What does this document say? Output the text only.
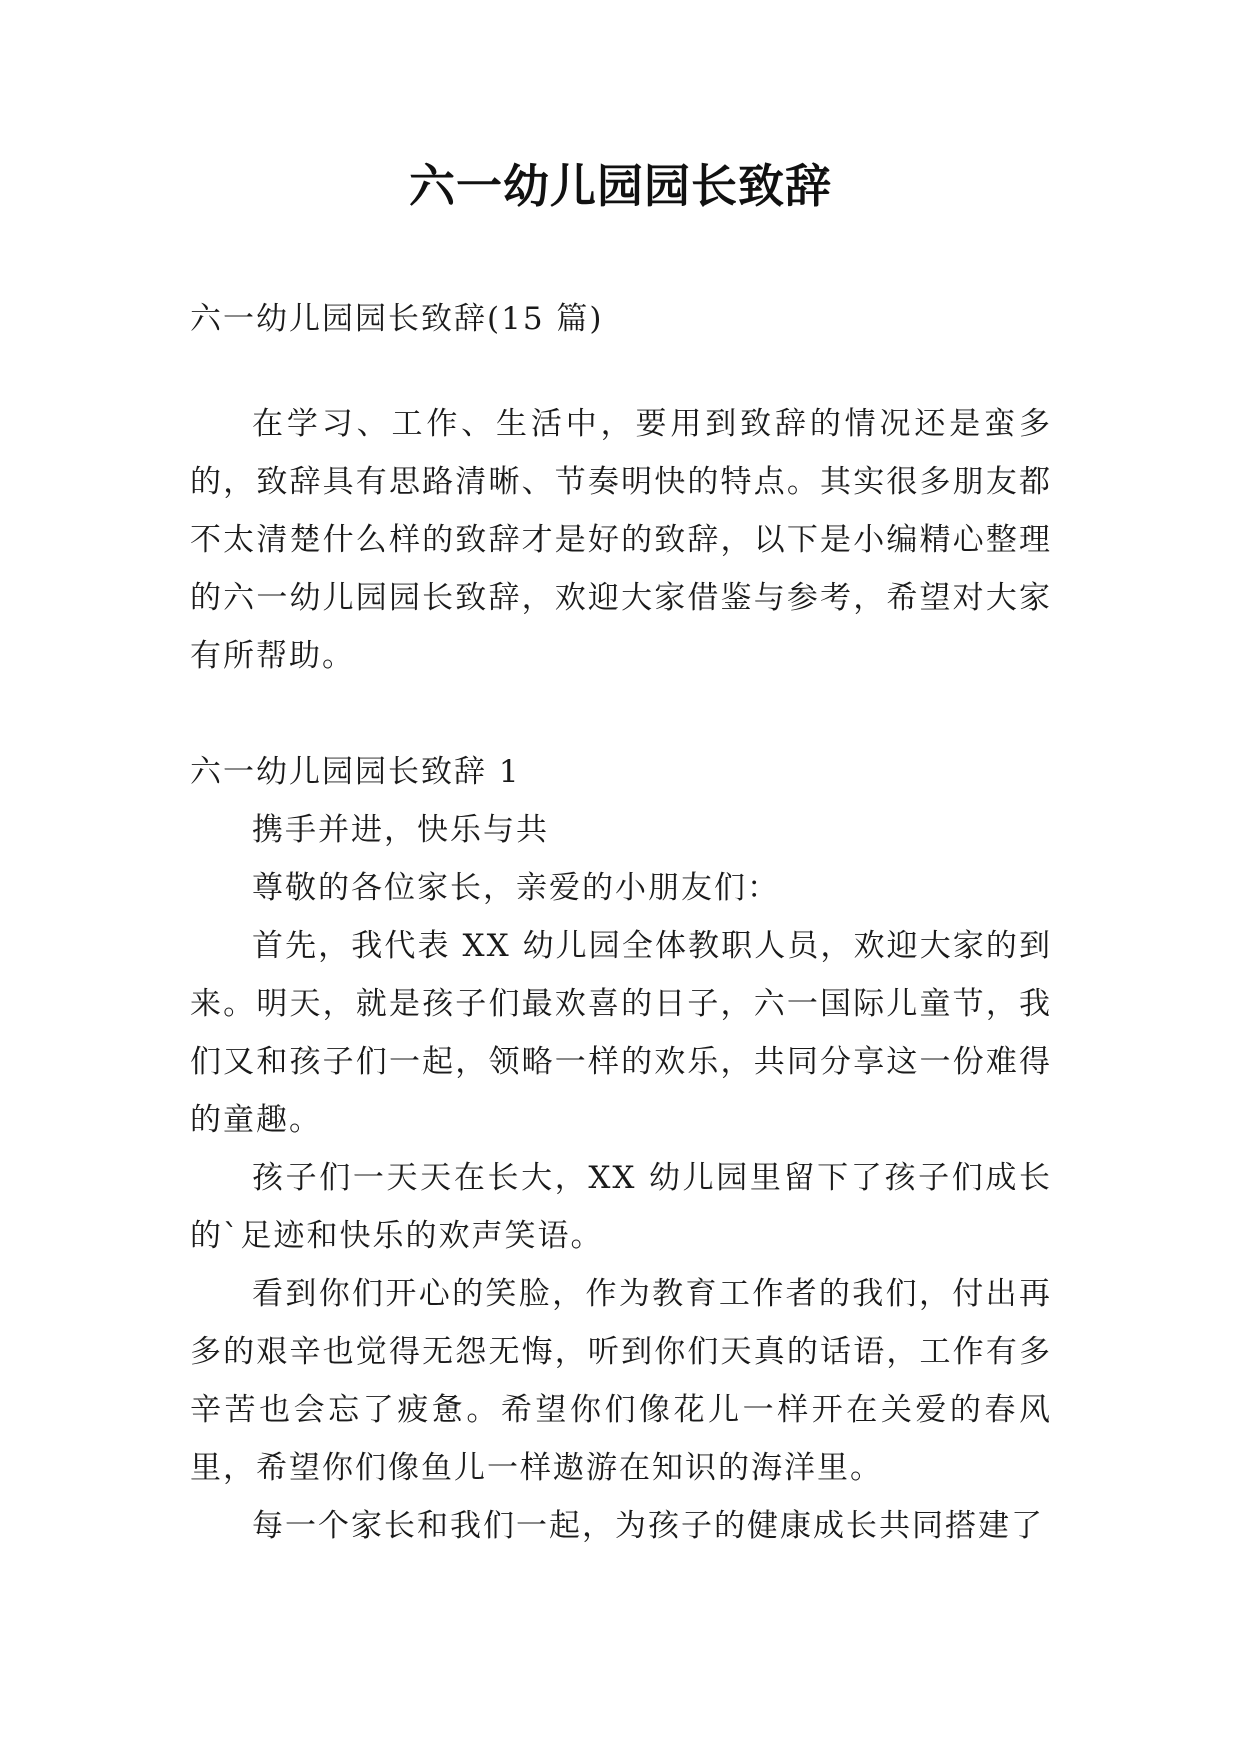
六一幼儿园园长致辞

六一幼儿园园长致辞(15 篇)

在学习、工作、生活中，要用到致辞的情况还是蛮多的，致辞具有思路清晰、节奏明快的特点。其实很多朋友都不太清楚什么样的致辞才是好的致辞，以下是小编精心整理的六一幼儿园园长致辞，欢迎大家借鉴与参考，希望对大家有所帮助。

六一幼儿园园长致辞 1

携手并进，快乐与共

尊敬的各位家长，亲爱的小朋友们：

首先，我代表 XX 幼儿园全体教职人员，欢迎大家的到来。明天，就是孩子们最欢喜的日子，六一国际儿童节，我们又和孩子们一起，领略一样的欢乐，共同分享这一份难得的童趣。

孩子们一天天在长大，XX 幼儿园里留下了孩子们成长的`足迹和快乐的欢声笑语。

看到你们开心的笑脸，作为教育工作者的我们，付出再多的艰辛也觉得无怨无悔，听到你们天真的话语，工作有多辛苦也会忘了疲惫。希望你们像花儿一样开在关爱的春风里，希望你们像鱼儿一样遨游在知识的海洋里。

每一个家长和我们一起，为孩子的健康成长共同搭建了
